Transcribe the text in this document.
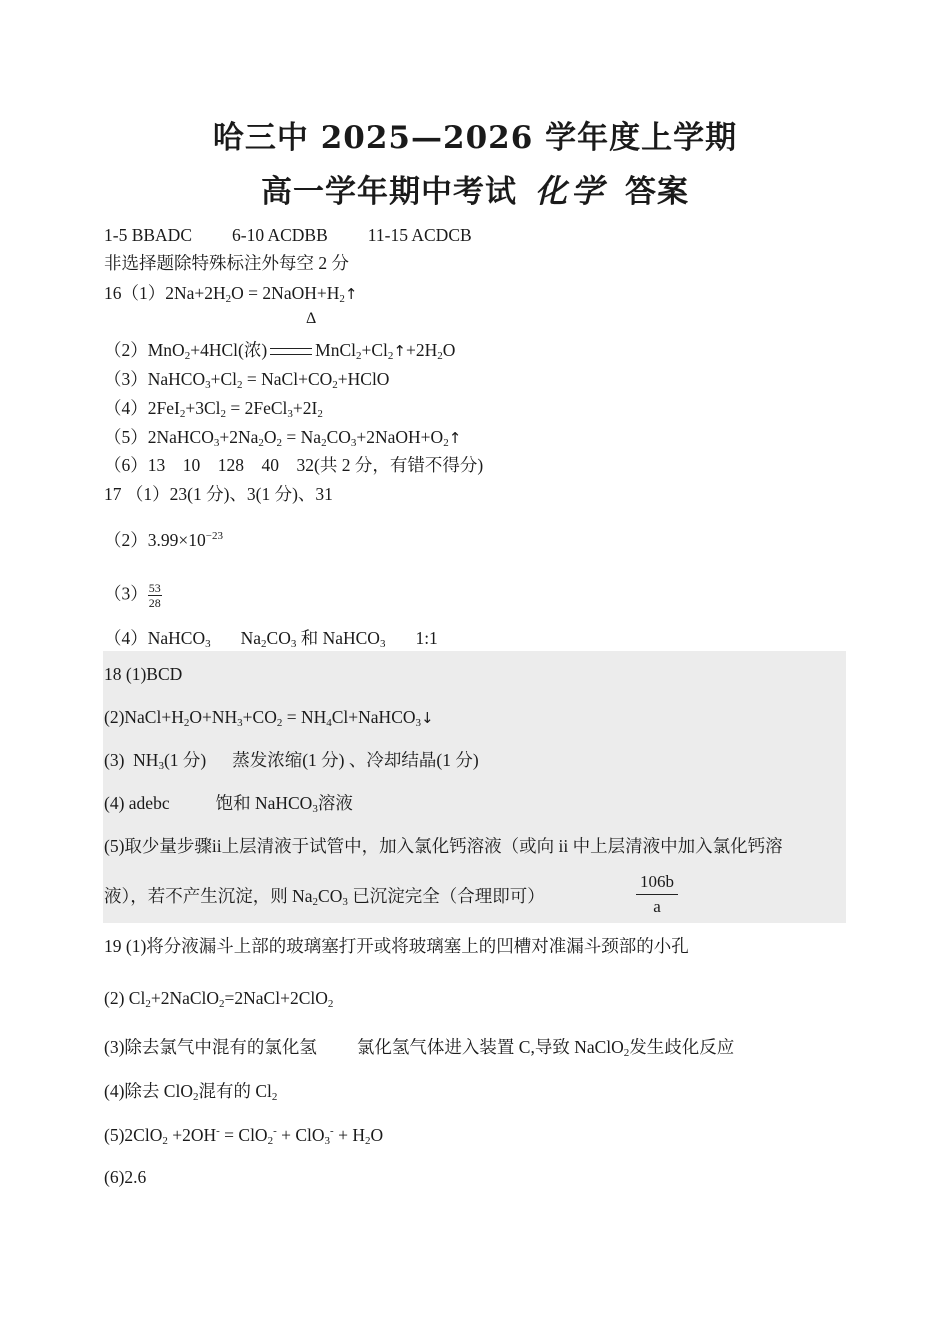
哈三中 2025—2026 学年度上学期
高一学年期中考试 化学 答案
1-5 BBADC 6-10 ACDBB 11-15 ACDCB
非选择题除特殊标注外每空 2 分
$16(1)2Na+2H_2O$ = $2NaOH+H_2↑$
Δ
（2）MnO$_2$+4HCl(浓)	$MnCl_2+Cl_2↑+2H_2O$
$(3)NaHCO_3+Cl_2$ = $NaCl+CO_2+HClO$
$(4)2FeI_2+3Cl_2$ = $2FeCl_3+2I_2$
$(5)2NaHCO_3+2Na_2O_2$ = $Na_2CO_3+2NaOH+O_2↑$
（6）13　10　128　40　32(共 2 分，有错不得分)
17 （1）23(1 分)、3(1 分)、31
$(2)3.99\times 10^{-23}$
$(3) \frac{53}{28}$
（4）NaHCO$_3$ $Na_2CO_3$ 和 NaHCO$_3$ 1:1
18 (1)BCD
$(2)NaCl+H_2O+NH_3+CO_2$ = $NH_4Cl+NaHCO_3↓$
(3)  $NH_3(1$ 分) 蒸发浓缩(1 分) 、冷却结晶(1 分)
(4) adebc	饱和 NaHCO$_3$溶液
(5)取少量步骤ii上层清液于试管中，加入氯化钙溶液（或向 ii 中上层清液中加入氯化钙溶
液），若不产生沉淀，则 $Na_2CO_3$ 已沉淀完全（合理即可）	$\frac{106b}{a}$
19 (1)将分液漏斗上部的玻璃塞打开或将玻璃塞上的凹槽对准漏斗颈部的小孔
(2) $Cl_2+2NaClO_2=2NaCl+2ClO_2$
(3)除去氯气中混有的氯化氢 氯化氢气体进入装置 C,导致 NaClO$_2$发生歧化反应
(4)除去 ClO$_2$混有的 $Cl_2$
$(5)2ClO_2 +2OH^- = ClO_2^- + ClO_3^- + H_2O$
(6)2.6
